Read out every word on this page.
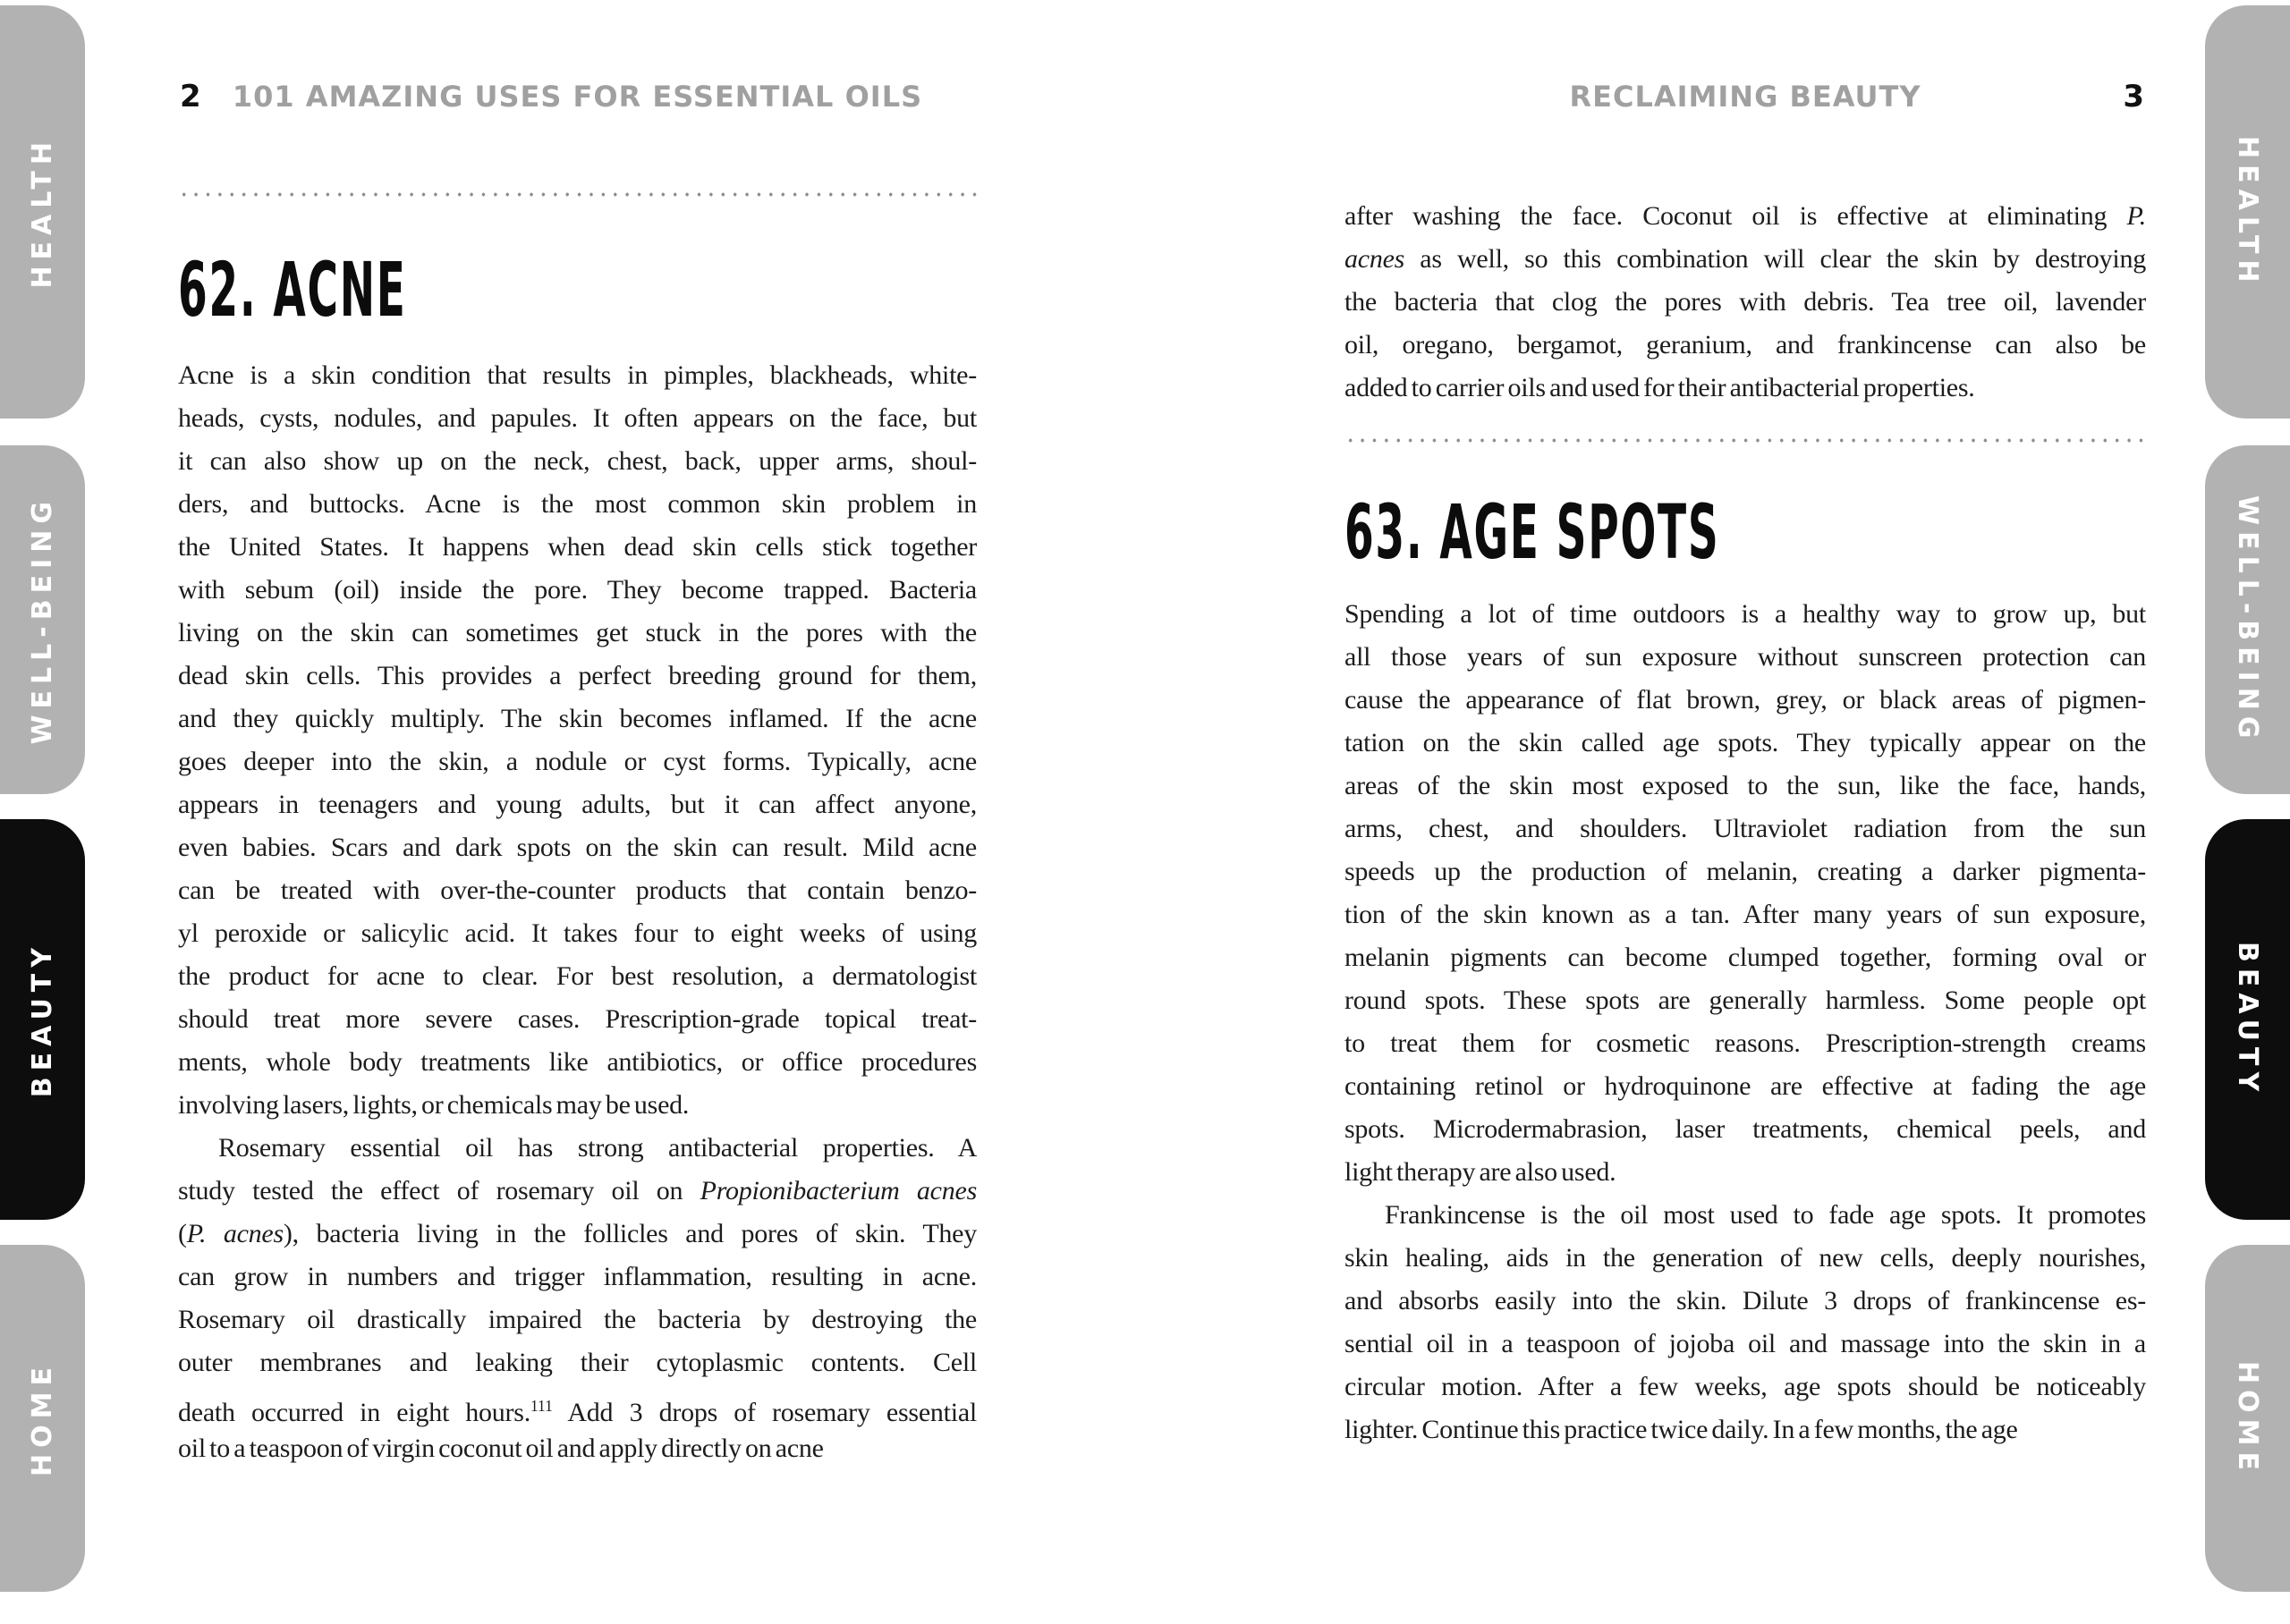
HEALTH
WELL-BEING
BEAUTY
HOME
HEALTH
WELL-BEING
BEAUTY
HOME
2	101 AMAZING USES FOR ESSENTIAL OILS
62. ACNE
Acne is a skin condition that results in pimples, blackheads, white-
heads, cysts, nodules, and papules. It often appears on the face, but
it can also show up on the neck, chest, back, upper arms, shoul-
ders, and buttocks. Acne is the most common skin problem in
the United States. It happens when dead skin cells stick together
with sebum (oil) inside the pore. They become trapped. Bacteria
living on the skin can sometimes get stuck in the pores with the
dead skin cells. This provides a perfect breeding ground for them,
and they quickly multiply. The skin becomes inflamed. If the acne
goes deeper into the skin, a nodule or cyst forms. Typically, acne
appears in teenagers and young adults, but it can affect anyone,
even babies. Scars and dark spots on the skin can result. Mild acne
can be treated with over-the-counter products that contain benzo-
yl peroxide or salicylic acid. It takes four to eight weeks of using
the product for acne to clear. For best resolution, a dermatologist
should treat more severe cases. Prescription-grade topical treat-
ments, whole body treatments like antibiotics, or office procedures
involving lasers, lights, or chemicals may be used.
Rosemary essential oil has strong antibacterial properties. A
study tested the effect of rosemary oil on Propionibacterium acnes
(P. acnes), bacteria living in the follicles and pores of skin. They
can grow in numbers and trigger inflammation, resulting in acne.
Rosemary oil drastically impaired the bacteria by destroying the
outer membranes and leaking their cytoplasmic contents. Cell
death occurred in eight hours.$^{111}$ Add 3 drops of rosemary essential
oil to a teaspoon of virgin coconut oil and apply directly on acne
RECLAIMING BEAUTY	3
after washing the face. Coconut oil is effective at eliminating P.
acnes as well, so this combination will clear the skin by destroying
the bacteria that clog the pores with debris. Tea tree oil, lavender
oil, oregano, bergamot, geranium, and frankincense can also be
added to carrier oils and used for their antibacterial properties.
63. AGE SPOTS
Spending a lot of time outdoors is a healthy way to grow up, but
all those years of sun exposure without sunscreen protection can
cause the appearance of flat brown, grey, or black areas of pigmen-
tation on the skin called age spots. They typically appear on the
areas of the skin most exposed to the sun, like the face, hands,
arms, chest, and shoulders. Ultraviolet radiation from the sun
speeds up the production of melanin, creating a darker pigmenta-
tion of the skin known as a tan. After many years of sun exposure,
melanin pigments can become clumped together, forming oval or
round spots. These spots are generally harmless. Some people opt
to treat them for cosmetic reasons. Prescription-strength creams
containing retinol or hydroquinone are effective at fading the age
spots. Microdermabrasion, laser treatments, chemical peels, and
light therapy are also used.
Frankincense is the oil most used to fade age spots. It promotes
skin healing, aids in the generation of new cells, deeply nourishes,
and absorbs easily into the skin. Dilute 3 drops of frankincense es-
sential oil in a teaspoon of jojoba oil and massage into the skin in a
circular motion. After a few weeks, age spots should be noticeably
lighter. Continue this practice twice daily. In a few months, the age
